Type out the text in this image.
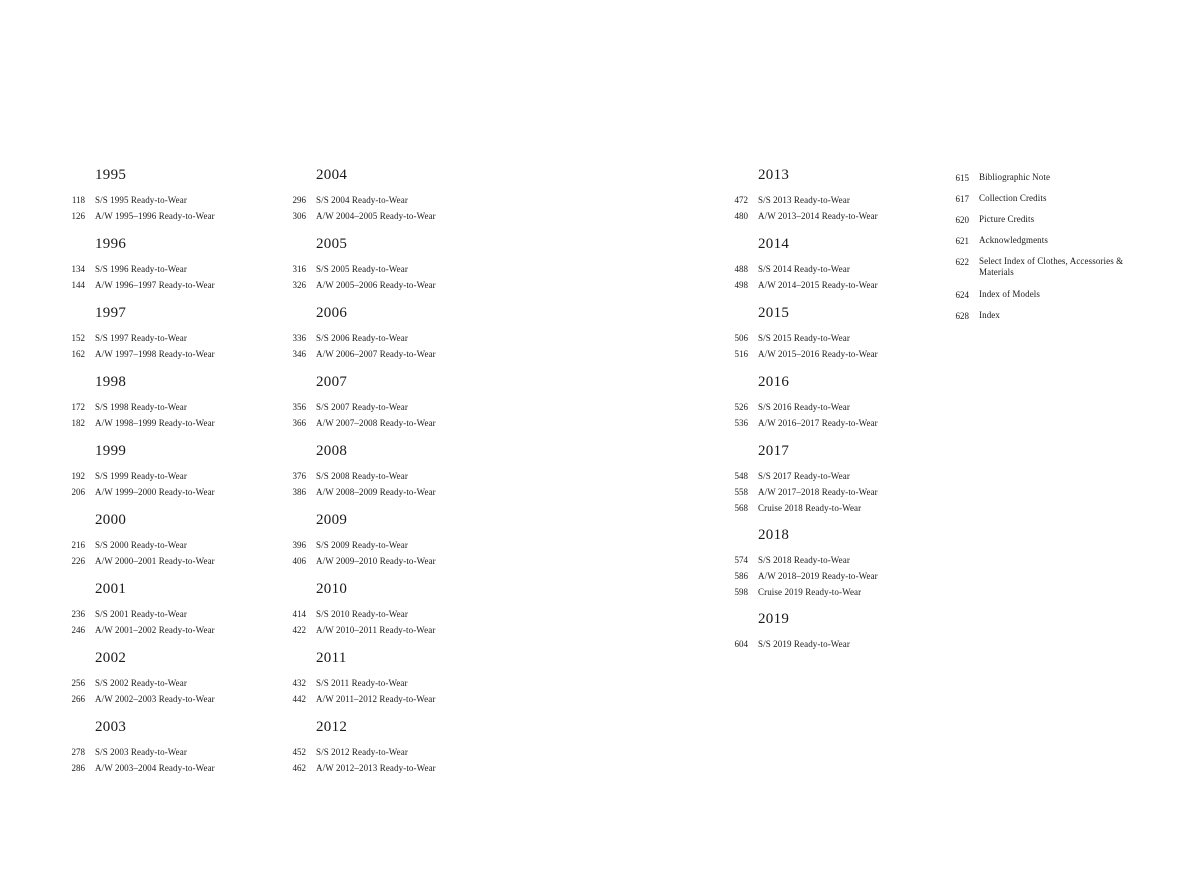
1995
118 S/S 1995 Ready-to-Wear
126 A/W 1995–1996 Ready-to-Wear
1996
134 S/S 1996 Ready-to-Wear
144 A/W 1996–1997 Ready-to-Wear
1997
152 S/S 1997 Ready-to-Wear
162 A/W 1997–1998 Ready-to-Wear
1998
172 S/S 1998 Ready-to-Wear
182 A/W 1998–1999 Ready-to-Wear
1999
192 S/S 1999 Ready-to-Wear
206 A/W 1999–2000 Ready-to-Wear
2000
216 S/S 2000 Ready-to-Wear
226 A/W 2000–2001 Ready-to-Wear
2001
236 S/S 2001 Ready-to-Wear
246 A/W 2001–2002 Ready-to-Wear
2002
256 S/S 2002 Ready-to-Wear
266 A/W 2002–2003 Ready-to-Wear
2003
278 S/S 2003 Ready-to-Wear
286 A/W 2003–2004 Ready-to-Wear
2004
296 S/S 2004 Ready-to-Wear
306 A/W 2004–2005 Ready-to-Wear
2005
316 S/S 2005 Ready-to-Wear
326 A/W 2005–2006 Ready-to-Wear
2006
336 S/S 2006 Ready-to-Wear
346 A/W 2006–2007 Ready-to-Wear
2007
356 S/S 2007 Ready-to-Wear
366 A/W 2007–2008 Ready-to-Wear
2008
376 S/S 2008 Ready-to-Wear
386 A/W 2008–2009 Ready-to-Wear
2009
396 S/S 2009 Ready-to-Wear
406 A/W 2009–2010 Ready-to-Wear
2010
414 S/S 2010 Ready-to-Wear
422 A/W 2010–2011 Ready-to-Wear
2011
432 S/S 2011 Ready-to-Wear
442 A/W 2011–2012 Ready-to-Wear
2012
452 S/S 2012 Ready-to-Wear
462 A/W 2012–2013 Ready-to-Wear
2013
472 S/S 2013 Ready-to-Wear
480 A/W 2013–2014 Ready-to-Wear
2014
488 S/S 2014 Ready-to-Wear
498 A/W 2014–2015 Ready-to-Wear
2015
506 S/S 2015 Ready-to-Wear
516 A/W 2015–2016 Ready-to-Wear
2016
526 S/S 2016 Ready-to-Wear
536 A/W 2016–2017 Ready-to-Wear
2017
548 S/S 2017 Ready-to-Wear
558 A/W 2017–2018 Ready-to-Wear
568 Cruise 2018 Ready-to-Wear
2018
574 S/S 2018 Ready-to-Wear
586 A/W 2018–2019 Ready-to-Wear
598 Cruise 2019 Ready-to-Wear
2019
604 S/S 2019 Ready-to-Wear
615 Bibliographic Note
617 Collection Credits
620 Picture Credits
621 Acknowledgments
622 Select Index of Clothes, Accessories & Materials
624 Index of Models
628 Index
